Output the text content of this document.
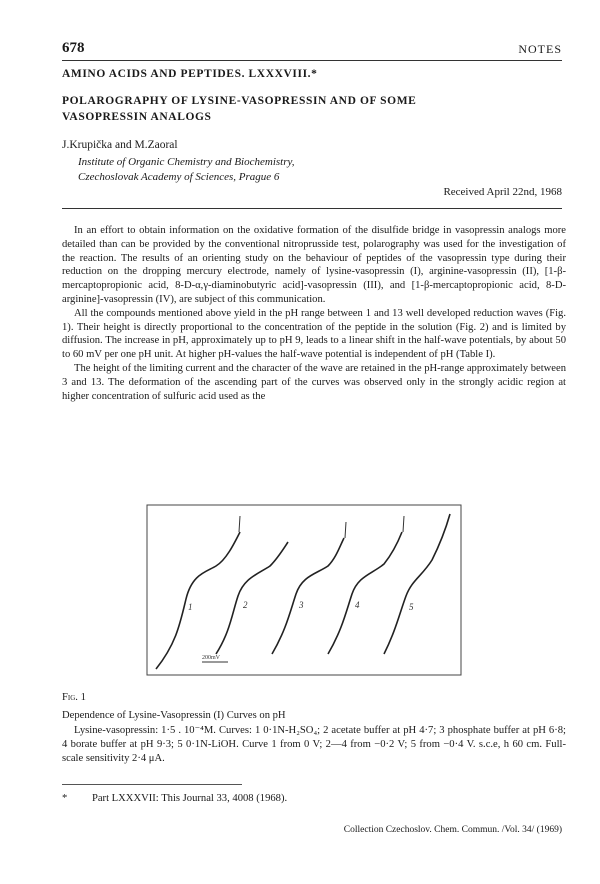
678	NOTES
AMINO ACIDS AND PEPTIDES. LXXXVIII.*
POLAROGRAPHY OF LYSINE-VASOPRESSIN AND OF SOME VASOPRESSIN ANALOGS
J.Krupička and M.Zaoral
Institute of Organic Chemistry and Biochemistry,
Czechoslovak Academy of Sciences, Prague 6
Received April 22nd, 1968

In an effort to obtain information on the oxidative formation of the disulfide bridge in vasopressin analogs more detailed than can be provided by the conventional nitroprusside test, polarography was used for the investigation of the reaction. The results of an orienting study on the behaviour of peptides of the vasopressin type during their reduction on the dropping mercury electrode, namely of lysine-vasopressin (I), arginine-vasopressin (II), [1-β-mercaptopropionic acid, 8-D-α,γ-diaminobutyric acid]-vasopressin (III), and [1-β-mercaptopropionic acid, 8-D-arginine]-vasopressin (IV), are subject of this communication.

All the compounds mentioned above yield in the pH range between 1 and 13 well developed reduction waves (Fig. 1). Their height is directly proportional to the concentration of the peptide in the solution (Fig. 2) and is limited by diffusion. The increase in pH, approximately up to pH 9, leads to a linear shift in the half-wave potentials, by about 50 to 60 mV per one pH unit. At higher pH-values the half-wave potential is independent of pH (Table I).

The height of the limiting current and the character of the wave are retained in the pH-range approximately between 3 and 13. The deformation of the ascending part of the curves was observed only in the strongly acidic region at higher concentration of sulfuric acid used as the

1	2	3	4	5
200mV
Fig. 1
Dependence of Lysine-Vasopressin (I) Curves on pH
Lysine-vasopressin: 1·5 . 10⁻⁴M. Curves: 1 0·1N-H₂SO₄; 2 acetate buffer at pH 4·7; 3 phosphate buffer at pH 6·8; 4 borate buffer at pH 9·3; 5 0·1N-LiOH. Curve 1 from 0 V; 2—4 from −0·2 V; 5 from −0·4 V. s.c.e, h 60 cm. Full-scale sensitivity 2·4 μA.
* Part LXXXVII: This Journal 33, 4008 (1968).
Collection Czechoslov. Chem. Commun. /Vol. 34/ (1969)
